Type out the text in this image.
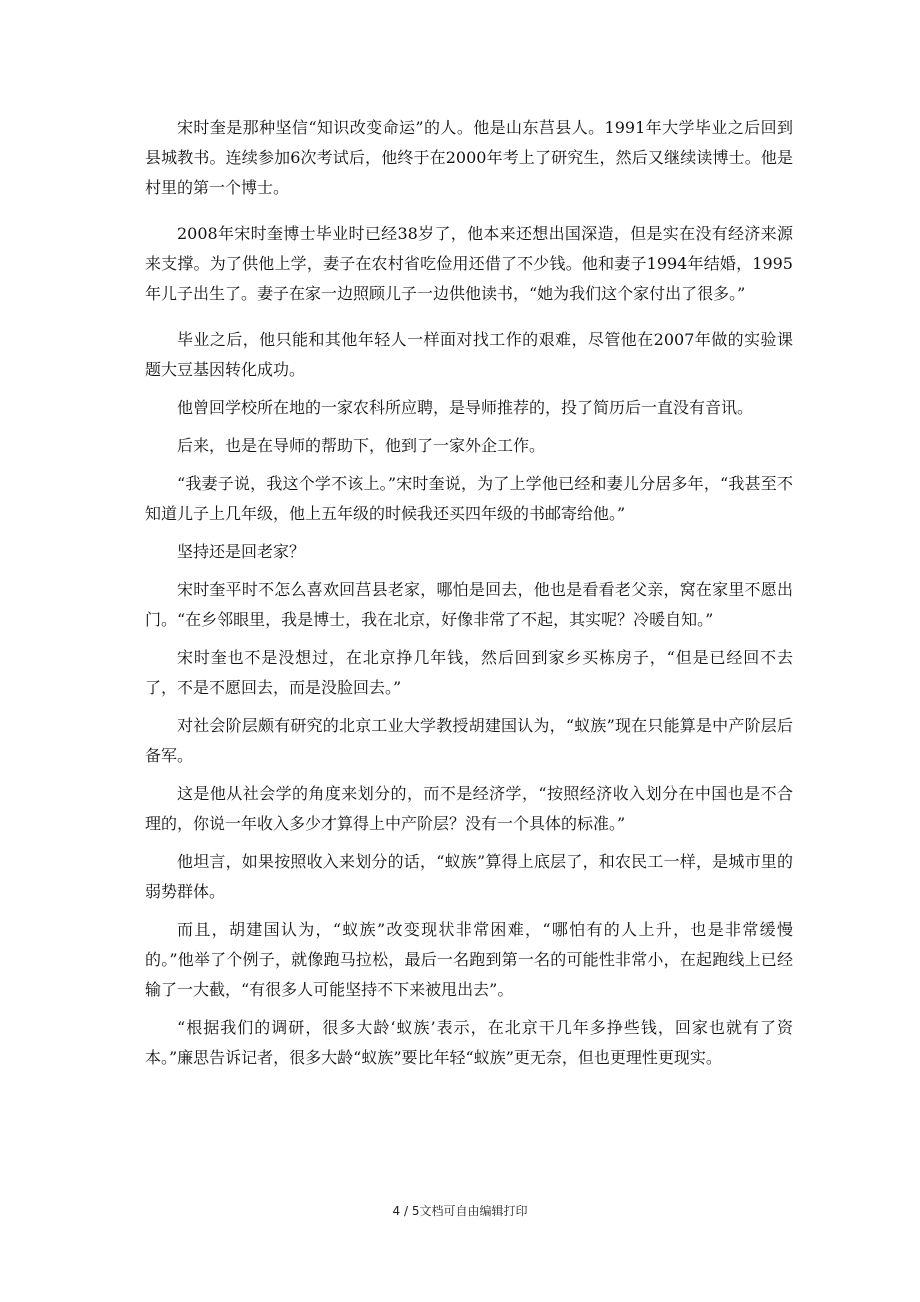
宋时奎是那种坚信“知识改变命运”的人。他是山东莒县人。1991年大学毕业之后回到县城教书。连续参加6次考试后，他终于在2000年考上了研究生，然后又继续读博士。他是村里的第一个博士。

2008年宋时奎博士毕业时已经38岁了，他本来还想出国深造，但是实在没有经济来源来支撑。为了供他上学，妻子在农村省吃俭用还借了不少钱。他和妻子1994年结婚，1995年儿子出生了。妻子在家一边照顾儿子一边供他读书，“她为我们这个家付出了很多。”

毕业之后，他只能和其他年轻人一样面对找工作的艰难，尽管他在2007年做的实验课题大豆基因转化成功。

他曾回学校所在地的一家农科所应聘，是导师推荐的，投了简历后一直没有音讯。

后来，也是在导师的帮助下，他到了一家外企工作。

“我妻子说，我这个学不该上。”宋时奎说，为了上学他已经和妻儿分居多年，“我甚至不知道儿子上几年级，他上五年级的时候我还买四年级的书邮寄给他。”

坚持还是回老家？

宋时奎平时不怎么喜欢回莒县老家，哪怕是回去，他也是看看老父亲，窝在家里不愿出门。“在乡邻眼里，我是博士，我在北京，好像非常了不起，其实呢？冷暖自知。”

宋时奎也不是没想过，在北京挣几年钱，然后回到家乡买栋房子，“但是已经回不去了，不是不愿回去，而是没脸回去。”

对社会阶层颇有研究的北京工业大学教授胡建国认为，“蚁族”现在只能算是中产阶层后备军。

这是他从社会学的角度来划分的，而不是经济学，“按照经济收入划分在中国也是不合理的，你说一年收入多少才算得上中产阶层？没有一个具体的标准。”

他坦言，如果按照收入来划分的话，“蚁族”算得上底层了，和农民工一样，是城市里的弱势群体。

而且，胡建国认为，“蚁族”改变现状非常困难，“哪怕有的人上升，也是非常缓慢的。”他举了个例子，就像跑马拉松，最后一名跑到第一名的可能性非常小，在起跑线上已经输了一大截，“有很多人可能坚持不下来被甩出去”。

“根据我们的调研，很多大龄‘蚁族’表示，在北京干几年多挣些钱，回家也就有了资本。”廉思告诉记者，很多大龄“蚁族”要比年轻“蚁族”更无奈，但也更理性更现实。

4 / 5文档可自由编辑打印
